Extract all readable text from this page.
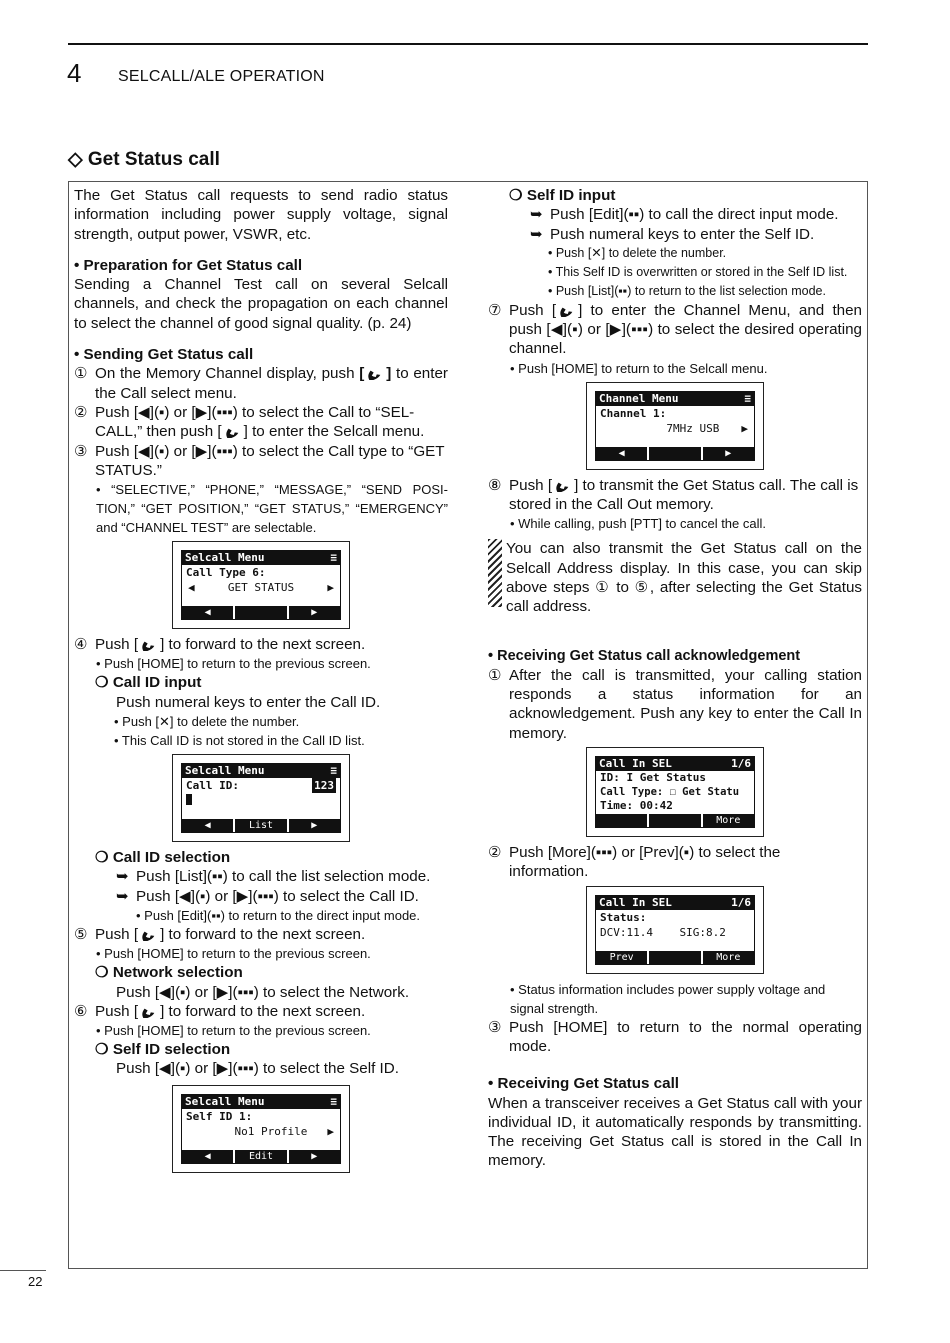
4 SELCALL/ALE OPERATION
◇ Get Status call
22

The Get Status call requests to send radio status information including power supply voltage, signal strength, output power, VSWR, etc.

• Preparation for Get Status call

Sending a Channel Test call on several Selcall channels, and check the propagation on each channel to select the channel of good signal quality. (p. 24)

• Sending Get Status call

① On the Memory Channel display, push [ ] to enter the Call select menu.
② Push [◀](▪) or [▶](▪▪▪) to select the Call to “SEL-CALL,” then push [ ] to enter the Selcall menu.
③ Push [◀](▪) or [▶](▪▪▪) to select the Call type to “GET STATUS.”

• “SELECTIVE,” “PHONE,” “MESSAGE,” “SEND POSI-TION,” “GET POSITION,” “GET STATUS,” “EMERGENCY” and “CHANNEL TEST” are selectable.

Selcall Menu	≡
Call Type 6:
◀	GET STATUS	▶
◀	▶
④ Push [ ] to forward to the next screen.

• Push [HOME] to return to the previous screen.

❍ Call ID input

Push numeral keys to enter the Call ID.

• Push [✕] to delete the number.

• This Call ID is not stored in the Call ID list.

Selcall Menu	≡
Call ID:	123
◀	List	▶

❍ Call ID selection

➥ Push [List](▪▪) to call the list selection mode.
➥ Push [◀](▪) or [▶](▪▪▪) to select the Call ID.

• Push [Edit](▪▪) to return to the direct input mode.

⑤ Push [ ] to forward to the next screen.

• Push [HOME] to return to the previous screen.

❍ Network selection

Push [◀](▪) or [▶](▪▪▪) to select the Network.

⑥ Push [ ] to forward to the next screen.

• Push [HOME] to return to the previous screen.

❍ Self ID selection

Push [◀](▪) or [▶](▪▪▪) to select the Self ID.

Selcall Menu	≡
Self ID 1:
No1 Profile ▶
◀	Edit	▶

❍ Self ID input

➥ Push [Edit](▪▪) to call the direct input mode.
➥ Push numeral keys to enter the Self ID.

• Push [✕] to delete the number.

• This Self ID is overwritten or stored in the Self ID list.

• Push [List](▪▪) to return to the list selection mode.

⑦ Push [ ] to enter the Channel Menu, and then push [◀](▪) or [▶](▪▪▪) to select the desired operating channel.

• Push [HOME] to return to the Selcall menu.

Channel Menu	≡
Channel 1:
7MHz USB ▶
◀	▶
⑧ Push [ ] to transmit the Get Status call. The call is stored in the Call Out memory.

• While calling, push [PTT] to cancel the call.

You can also transmit the Get Status call on the Selcall Address display. In this case, you can skip above steps ① to ⑤, after selecting the Get Status call address.

• Receiving Get Status call acknowledgement

① After the call is transmitted, your calling station responds a status information for an acknowledgement. Push any key to enter the Call In memory.
Call In SEL	1/6
ID: I Get Status
Call Type: ☐ Get Statu
Time: 00:42
More
② Push [More](▪▪▪) or [Prev](▪) to select the information.
Call In SEL	1/6
Status:
DCV:11.4    SIG:8.2
Prev	More

• Status information includes power supply voltage and signal strength.

③ Push [HOME] to return to the normal operating mode.

• Receiving Get Status call

When a transceiver receives a Get Status call with your individual ID, it automatically responds by transmitting. The receiving Get Status call is stored in the Call In memory.
